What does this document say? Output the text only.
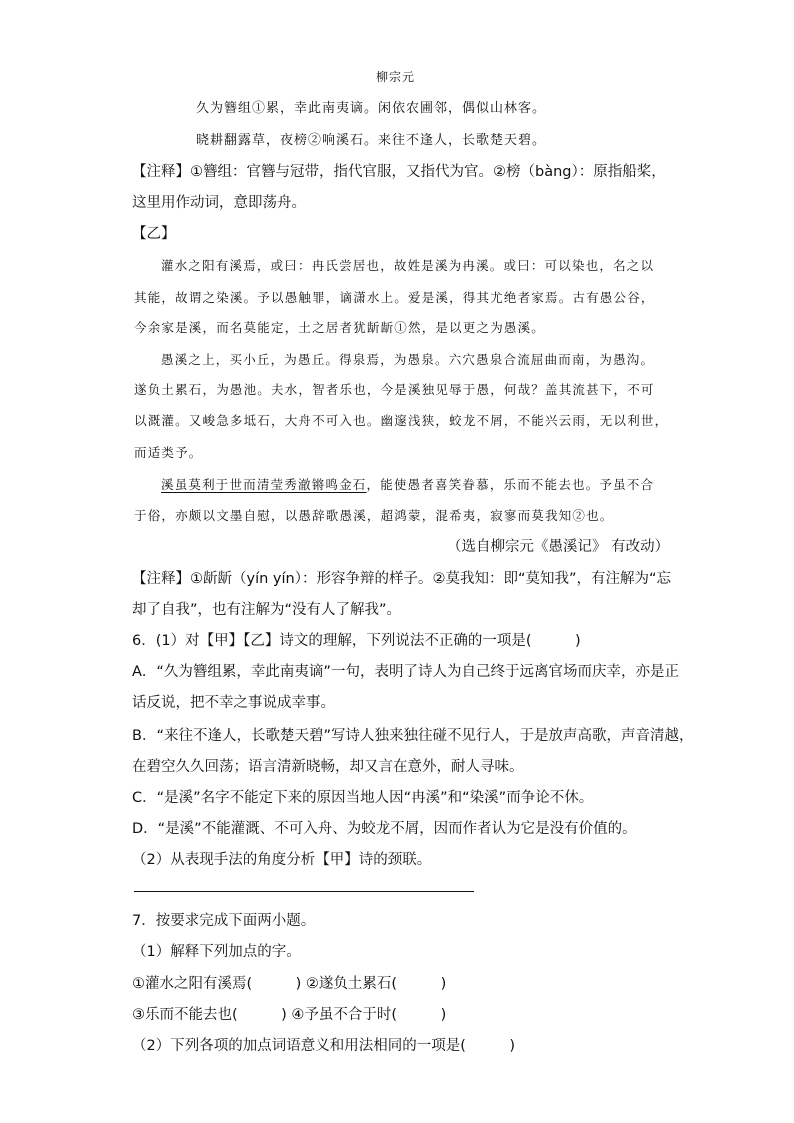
柳宗元
久为簪组①累，幸此南夷谪。闲依农圃邻，偶似山林客。
晓耕翻露草，夜榜②响溪石。来往不逢人，长歌楚天碧。
【注释】①簪组：官簪与冠带，指代官服，又指代为官。②榜（bàng）：原指船桨，
这里用作动词，意即荡舟。
【乙】
灌水之阳有溪焉，或曰：冉氏尝居也，故姓是溪为冉溪。或曰：可以染也，名之以
其能，故谓之染溪。予以愚触罪，谪潇水上。爱是溪，得其尤绝者家焉。古有愚公谷，
今余家是溪，而名莫能定，土之居者犹龂龂①然，是以更之为愚溪。
愚溪之上，买小丘，为愚丘。得泉焉，为愚泉。六穴愚泉合流屈曲而南，为愚沟。
遂负土累石，为愚池。夫水，智者乐也，今是溪独见辱于愚，何哉？盖其流甚下，不可
以溉灌。又峻急多坻石，大舟不可入也。幽邃浅狭，蛟龙不屑，不能兴云雨，无以利世，
而适类予。
溪虽莫利于世而清莹秀澈锵鸣金石，能使愚者喜笑眷慕，乐而不能去也。予虽不合
于俗，亦颇以文墨自慰，以愚辞歌愚溪，超鸿蒙，混希夷，寂寥而莫我知②也。
（选自柳宗元《愚溪记》 有改动）
【注释】①龂龂（yín yín）：形容争辩的样子。②莫我知：即“莫知我”，有注解为“忘
却了自我”，也有注解为“没有人了解我”。
6．(1）对【甲】【乙】诗文的理解，下列说法不正确的一项是(　　　)
A．“久为簪组累，幸此南夷谪”一句，表明了诗人为自己终于远离官场而庆幸，亦是正
话反说，把不幸之事说成幸事。
B．“来往不逢人，长歌楚天碧”写诗人独来独往碰不见行人，于是放声高歌，声音清越，
在碧空久久回荡；语言清新晓畅，却又言在意外，耐人寻味。
C．“是溪”名字不能定下来的原因当地人因“冉溪”和“染溪”而争论不休。
D．“是溪”不能灌溉、不可入舟、为蛟龙不屑，因而作者认为它是没有价值的。
（2）从表现手法的角度分析【甲】诗的颈联。
7．按要求完成下面两小题。
（1）解释下列加点的字。
①灌水之阳有溪焉(　　　) ②遂负土累石(　　　)
③乐而不能去也(　　　) ④予虽不合于时(　　　)
（2）下列各项的加点词语意义和用法相同的一项是(　　　)
